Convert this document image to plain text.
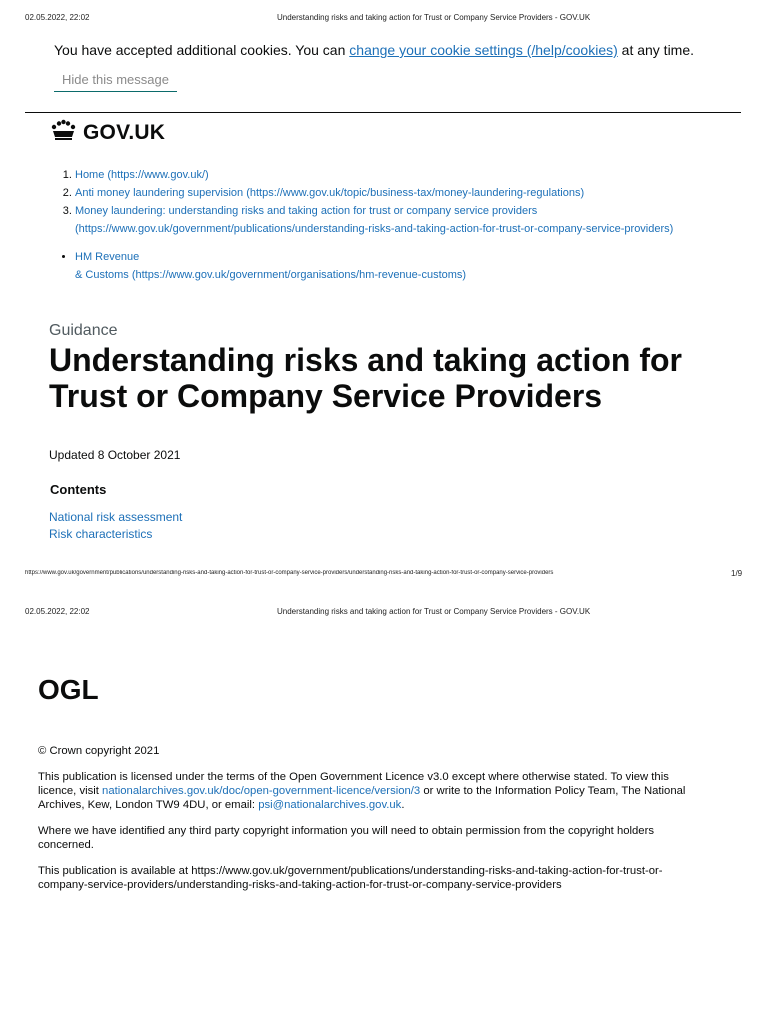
02.05.2022, 22:02	Understanding risks and taking action for Trust or Company Service Providers - GOV.UK
You have accepted additional cookies. You can change your cookie settings (/help/cookies) at any time.
Hide this message
GOV.UK
1. Home (https://www.gov.uk/)
2. Anti money laundering supervision (https://www.gov.uk/topic/business-tax/money-laundering-regulations)
3. Money laundering: understanding risks and taking action for trust or company service providers
(https://www.gov.uk/government/publications/understanding-risks-and-taking-action-for-trust-or-company-service-providers)
• HM Revenue
& Customs (https://www.gov.uk/government/organisations/hm-revenue-customs)
Guidance
Understanding risks and taking action for Trust or Company Service Providers
Updated 8 October 2021
Contents
National risk assessment
Risk characteristics
https://www.gov.uk/government/publications/understanding-risks-and-taking-action-for-trust-or-company-service-providers/understanding-risks-and-taking-action-for-trust-or-company-service-providers	1/9
02.05.2022, 22:02	Understanding risks and taking action for Trust or Company Service Providers - GOV.UK
OGL
© Crown copyright 2021
This publication is licensed under the terms of the Open Government Licence v3.0 except where otherwise stated. To view this licence, visit nationalarchives.gov.uk/doc/open-government-licence/version/3 or write to the Information Policy Team, The National Archives, Kew, London TW9 4DU, or email: psi@nationalarchives.gov.uk.
Where we have identified any third party copyright information you will need to obtain permission from the copyright holders concerned.
This publication is available at https://www.gov.uk/government/publications/understanding-risks-and-taking-action-for-trust-or-company-service-providers/understanding-risks-and-taking-action-for-trust-or-company-service-providers
